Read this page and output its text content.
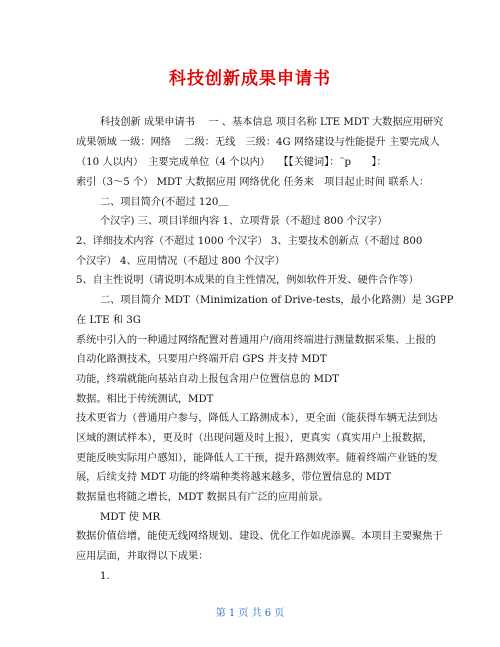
科技创新成果申请书
科技创新 成果申请书　 一 、基本信息 项目名称 LTE MDT 大数据应用研究
成果领域 一级：网络　 二级：无线　三级：4G 网络建设与性能提升 主要完成人
（10 人以内）　主要完成单位（4 个以内）　 【【关键词】：¨p　　】：
索引（3～5 个） MDT 大数据应用 网络优化 任务来　项目起止时间 联系人：
二、项目简介(不超过 120＿
个汉字) 三、项目详细内容 1、立项背景（不超过 800 个汉字）
2、详细技术内容（不超过 1000 个汉字） 3、主要技术创新点（不超过 800
个汉字） 4、应用情况（不超过 800 个汉字）
5、自主性说明（请说明本成果的自主性情况，例如软件开发、硬件合作等）
二、项目简介 MDT（Minimization of Drive-tests，最小化路测）是 3GPP
在 LTE 和 3G
系统中引入的一种通过网络配置对普通用户/商用终端进行测量数据采集、上报的
自动化路测技术，只要用户终端开启 GPS 并支持 MDT
功能，终端就能向基站自动上报包含用户位置信息的 MDT
数据。相比于传统测试，MDT
技术更省力（普通用户参与，降低人工路测成本），更全面（能获得车辆无法到达
区域的测试样本），更及时（出现问题及时上报），更真实（真实用户上报数据，
更能反映实际用户感知），能降低人工干预，提升路测效率。随着终端产业链的发
展，后续支持 MDT 功能的终端种类将越来越多，带位置信息的 MDT
数据量也将随之增长，MDT 数据具有广泛的应用前景。
MDT 使 MR
数据价值倍增，能使无线网络规划、建设、优化工作如虎添翼。本项目主要聚焦于
应用层面，并取得以下成果：
1.
第 1 页 共 6 页
